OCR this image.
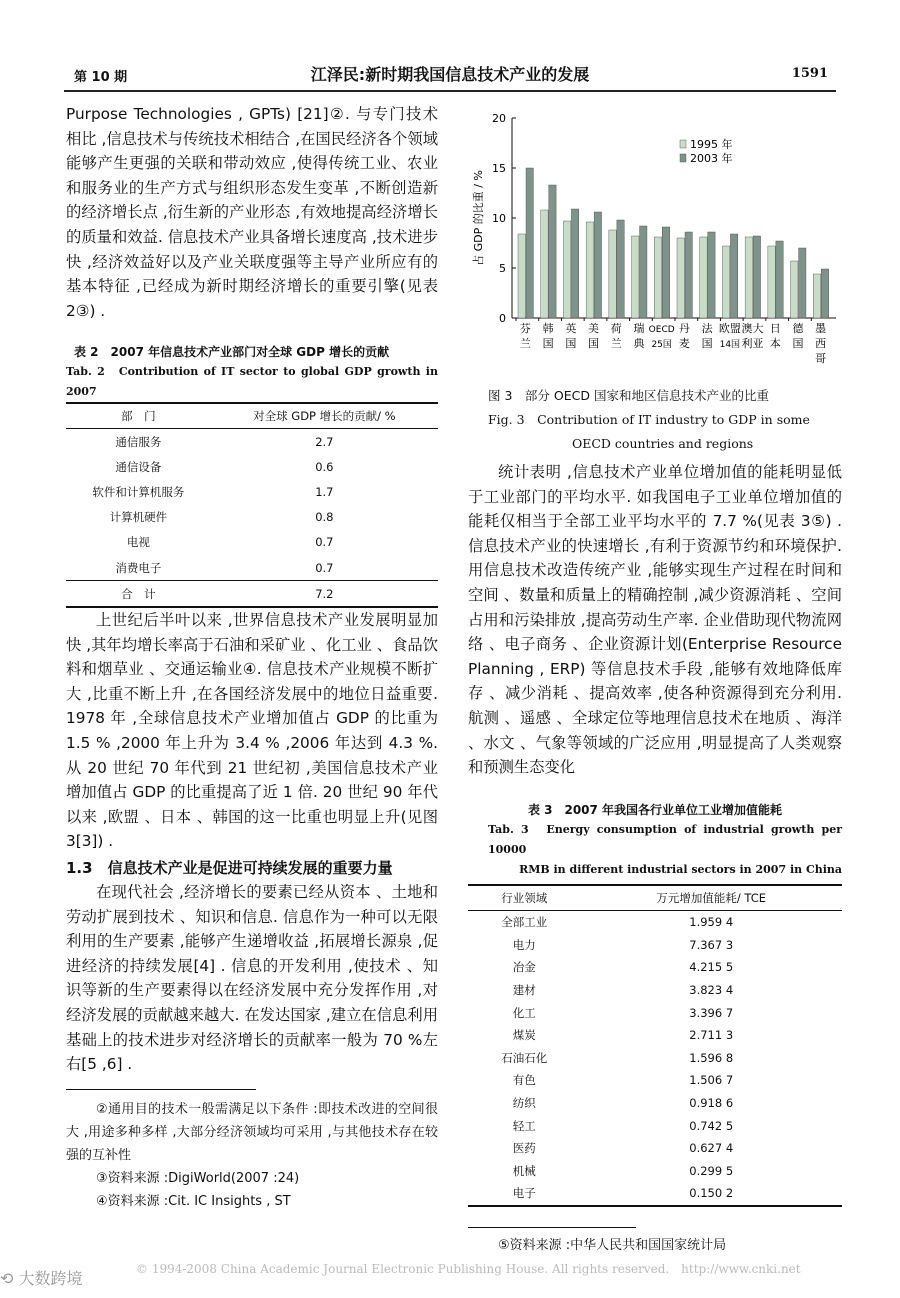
第 10 期	江泽民:新时期我国信息技术产业的发展	1591

Purpose Technologies , GPTs) [21]②. 与专门技术相比 ,信息技术与传统技术相结合 ,在国民经济各个领域能够产生更强的关联和带动效应 ,使得传统工业、农业和服务业的生产方式与组织形态发生变革 ,不断创造新的经济增长点 ,衍生新的产业形态 ,有效地提高经济增长的质量和效益. 信息技术产业具备增长速度高 ,技术进步快 ,经济效益好以及产业关联度强等主导产业所应有的基本特征 ,已经成为新时期经济增长的重要引擎(见表 2③) .

表 2　2007 年信息技术产业部门对全球 GDP 增长的贡献

Tab. 2　Contribution of IT sector to global GDP growth in 2007

部　门	对全球 GDP 增长的贡献/ %
通信服务	2.7
通信设备	0.6
软件和计算机服务	1.7
计算机硬件	0.8
电视	0.7
消费电子	0.7
合　计	7.2

上世纪后半叶以来 ,世界信息技术产业发展明显加快 ,其年均增长率高于石油和采矿业 、化工业 、食品饮料和烟草业 、交通运输业④. 信息技术产业规模不断扩大 ,比重不断上升 ,在各国经济发展中的地位日益重要. 1978 年 ,全球信息技术产业增加值占 GDP 的比重为 1.5 % ,2000 年上升为 3.4 % ,2006 年达到 4.3 %. 从 20 世纪 70 年代到 21 世纪初 ,美国信息技术产业增加值占 GDP 的比重提高了近 1 倍. 20 世纪 90 年代以来 ,欧盟 、日本 、韩国的这一比重也明显上升(见图 3[3]) .

1.3　信息技术产业是促进可持续发展的重要力量

在现代社会 ,经济增长的要素已经从资本 、土地和劳动扩展到技术 、知识和信息. 信息作为一种可以无限利用的生产要素 ,能够产生递增收益 ,拓展增长源泉 ,促进经济的持续发展[4] . 信息的开发利用 ,使技术 、知识等新的生产要素得以在经济发展中充分发挥作用 ,对经济发展的贡献越来越大. 在发达国家 ,建立在信息利用基础上的技术进步对经济增长的贡献率一般为 70 %左右[5 ,6] .

②通用目的技术一般需满足以下条件 :即技术改进的空间很大 ,用途多种多样 ,大部分经济领域均可采用 ,与其他技术存在较强的互补性

③资料来源 :DigiWorld(2007 :24)

④资料来源 :Cit. IC Insights , ST

0
5
10
15
20
占 GDP 的比重 / %
芬兰
韩国
英国
美国
荷兰
瑞典
OECD 25国
丹麦
法国
欧盟 14国
澳大利亚
日本
德国
墨西哥
1995 年
2003 年

图 3　部分 OECD 国家和地区信息技术产业的比重

Fig. 3　Contribution of IT industry to GDP in some

OECD countries and regions

统计表明 ,信息技术产业单位增加值的能耗明显低于工业部门的平均水平. 如我国电子工业单位增加值的能耗仅相当于全部工业平均水平的 7.7 %(见表 3⑤) . 信息技术产业的快速增长 ,有利于资源节约和环境保护. 用信息技术改造传统产业 ,能够实现生产过程在时间和空间 、数量和质量上的精确控制 ,减少资源消耗 、空间占用和污染排放 ,提高劳动生产率. 企业借助现代物流网络 、电子商务 、企业资源计划(Enterprise Resource Planning , ERP) 等信息技术手段 ,能够有效地降低库存 、减少消耗 、提高效率 ,使各种资源得到充分利用. 航测 、遥感 、全球定位等地理信息技术在地质 、海洋 、水文 、气象等领域的广泛应用 ,明显提高了人类观察和预测生态变化

表 3　2007 年我国各行业单位工业增加值能耗

Tab. 3　Energy consumption of industrial growth per 10000

RMB in different industrial sectors in 2007 in China

行业领域	万元增加值能耗/ TCE
全部工业	1.959 4
电力	7.367 3
冶金	4.215 5
建材	3.823 4
化工	3.396 7
煤炭	2.711 3
石油石化	1.596 8
有色	1.506 7
纺织	0.918 6
轻工	0.742 5
医药	0.627 4
机械	0.299 5
电子	0.150 2

⑤资料来源 :中华人民共和国国家统计局

⟲ 大数跨境	© 1994-2008 China Academic Journal Electronic Publishing House. All rights reserved.　http://www.cnki.net
